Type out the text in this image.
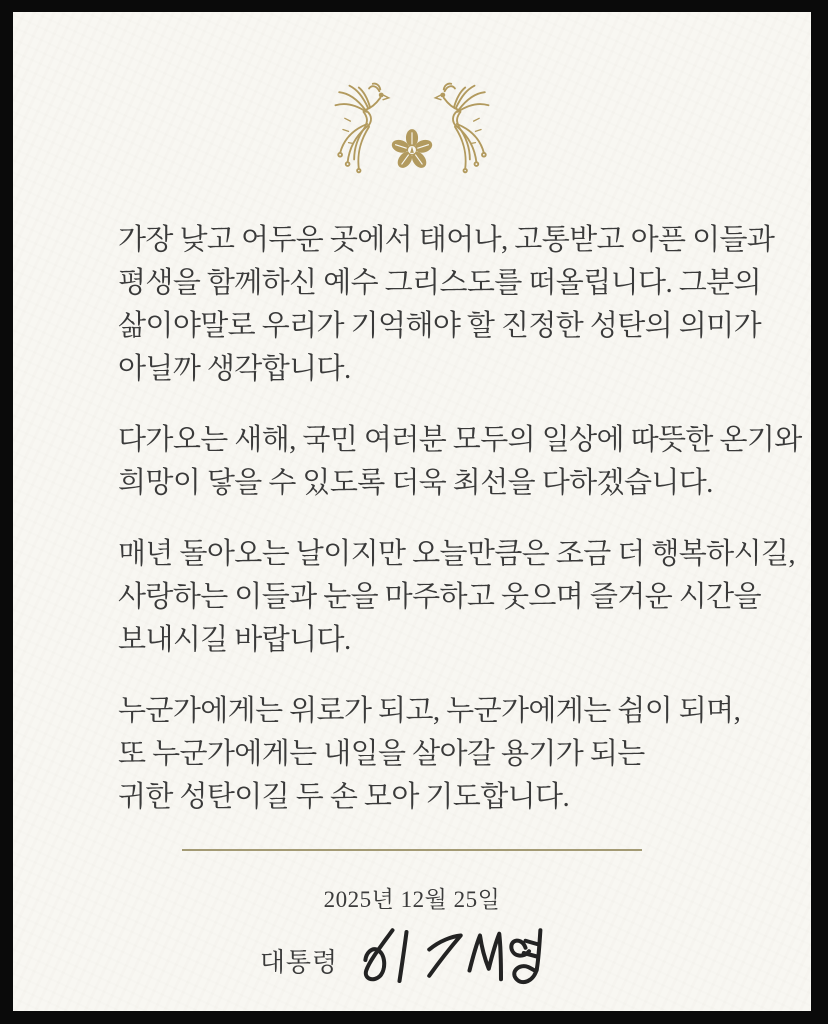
가장 낮고 어두운 곳에서 태어나, 고통받고 아픈 이들과
평생을 함께하신 예수 그리스도를 떠올립니다. 그분의
삶이야말로 우리가 기억해야 할 진정한 성탄의 의미가
아닐까 생각합니다.
다가오는 새해, 국민 여러분 모두의 일상에 따뜻한 온기와
희망이 닿을 수 있도록 더욱 최선을 다하겠습니다.
매년 돌아오는 날이지만 오늘만큼은 조금 더 행복하시길,
사랑하는 이들과 눈을 마주하고 웃으며 즐거운 시간을
보내시길 바랍니다.
누군가에게는 위로가 되고, 누군가에게는 쉼이 되며,
또 누군가에게는 내일을 살아갈 용기가 되는
귀한 성탄이길 두 손 모아 기도합니다.
2025년 12월 25일
대통령
